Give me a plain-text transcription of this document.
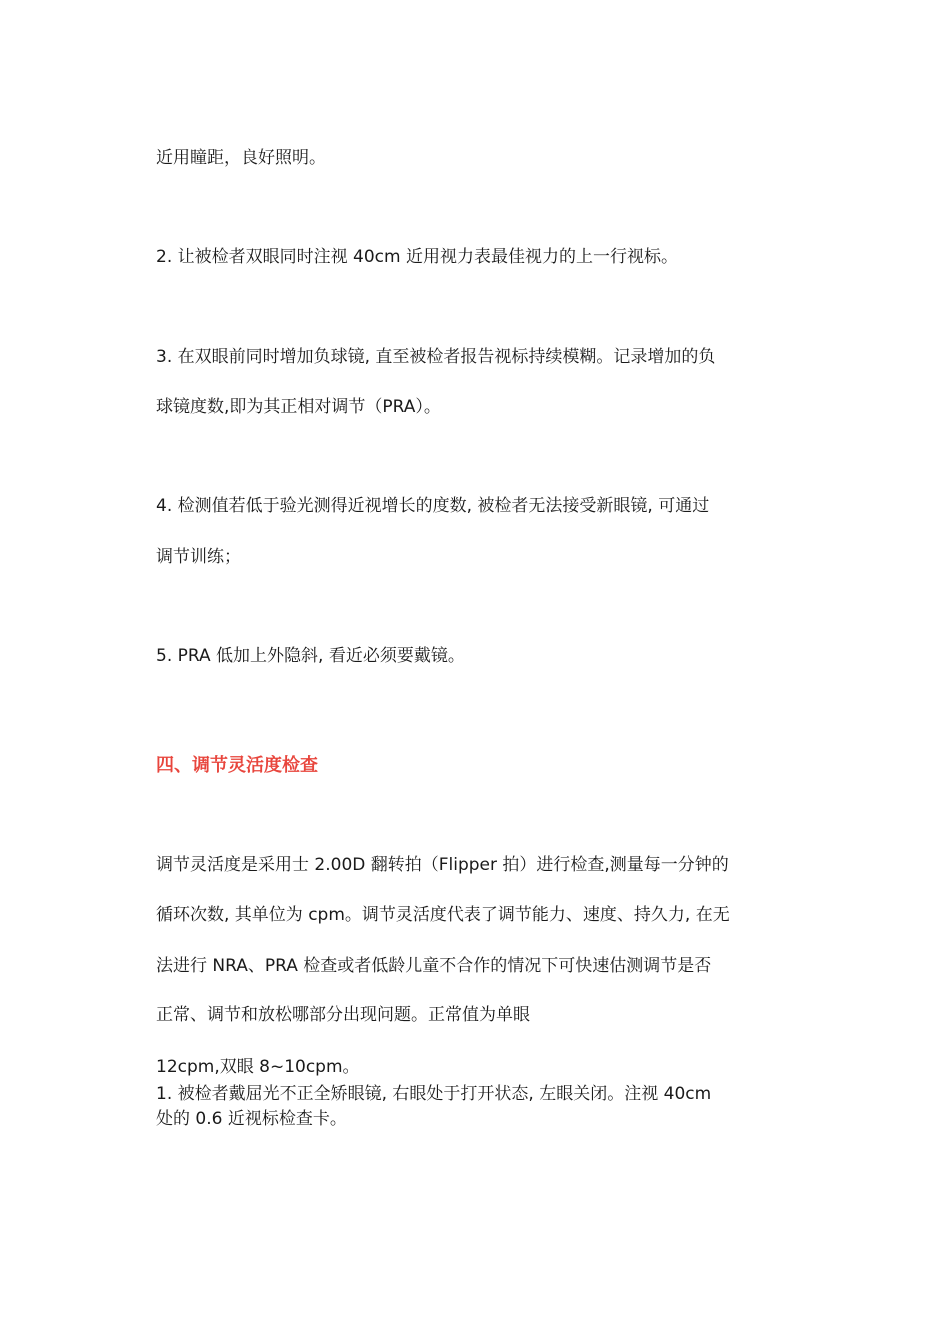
近用瞳距，良好照明。
2. 让被检者双眼同时注视 40cm 近用视力表最佳视力的上一行视标。
3. 在双眼前同时增加负球镜, 直至被检者报告视标持续模糊。记录增加的负
球镜度数,即为其正相对调节（PRA）。
4. 检测值若低于验光测得近视增长的度数, 被检者无法接受新眼镜, 可通过
调节训练；
5. PRA 低加上外隐斜, 看近必须要戴镜。
四、调节灵活度检查
调节灵活度是采用士 2.00D 翻转拍（Flipper 拍）进行检查,测量每一分钟的
循环次数, 其单位为 cpm。调节灵活度代表了调节能力、速度、持久力, 在无
法进行 NRA、PRA 检查或者低龄儿童不合作的情况下可快速估测调节是否
正常、调节和放松哪部分出现问题。正常值为单眼
12cpm,双眼 8~10cpm。
1. 被检者戴屈光不正全矫眼镜, 右眼处于打开状态, 左眼关闭。注视 40cm
处的 0.6 近视标检查卡。
